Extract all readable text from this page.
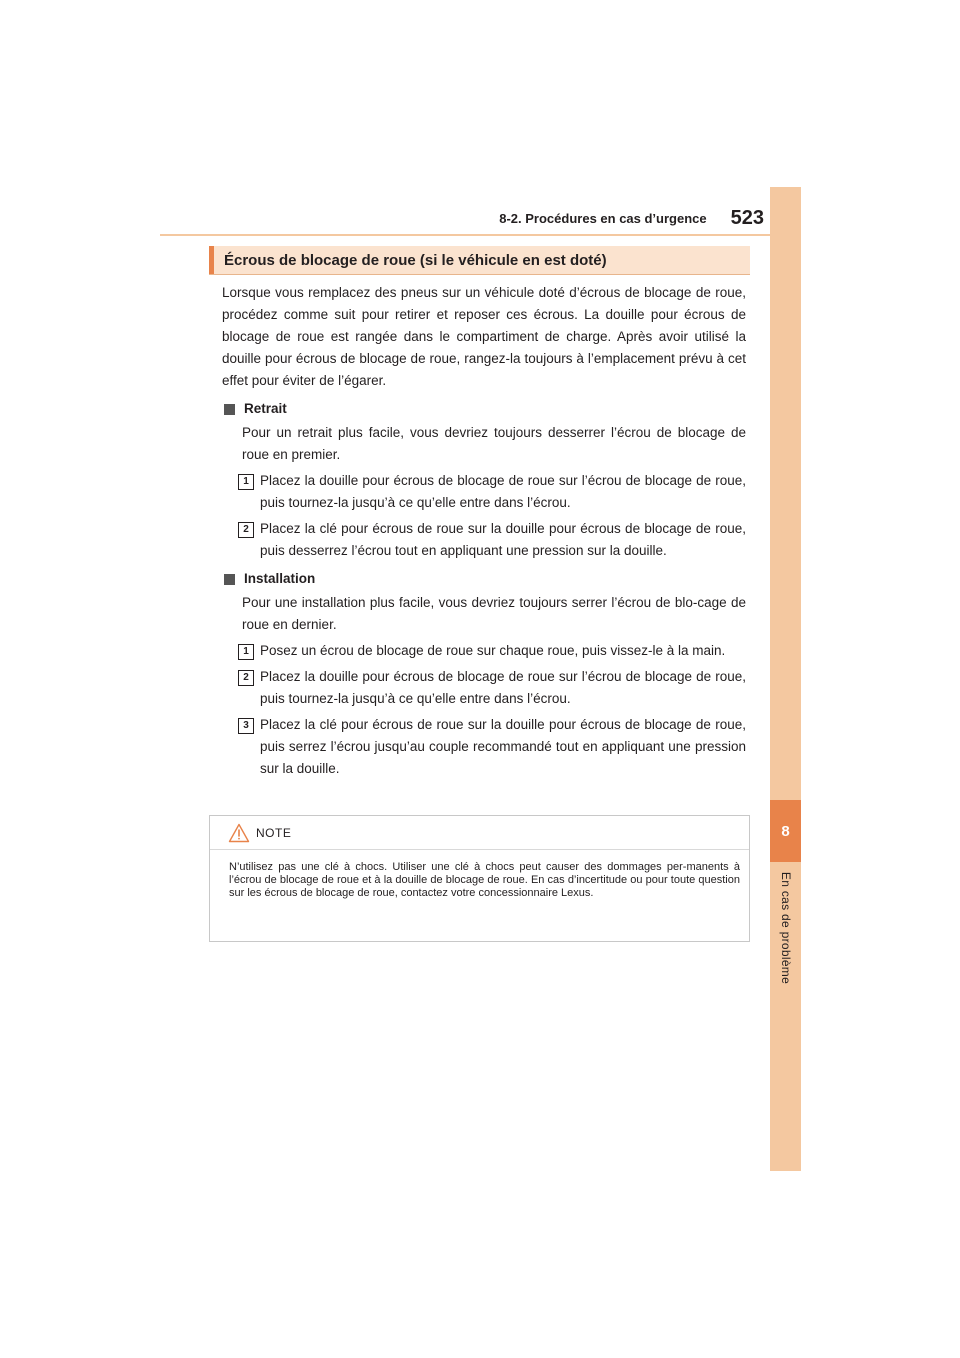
8-2. Procédures en cas d’urgence 523
8
En cas de problème
Écrous de blocage de roue (si le véhicule en est doté)

Lorsque vous remplacez des pneus sur un véhicule doté d’écrous de blocage de roue, procédez comme suit pour retirer et reposer ces écrous. La douille pour écrous de blocage de roue est rangée dans le compartiment de charge. Après avoir utilisé la douille pour écrous de blocage de roue, rangez-la toujours à l’emplacement prévu à cet effet pour éviter de l’égarer.

Retrait

Pour un retrait plus facile, vous devriez toujours desserrer l’écrou de blocage de roue en premier.

1 Placez la douille pour écrous de blocage de roue sur l’écrou de blocage de roue, puis tournez-la jusqu’à ce qu’elle entre dans l’écrou.
2 Placez la clé pour écrous de roue sur la douille pour écrous de blocage de roue, puis desserrez l’écrou tout en appliquant une pression sur la douille.
Installation

Pour une installation plus facile, vous devriez toujours serrer l’écrou de blo-cage de roue en dernier.

1 Posez un écrou de blocage de roue sur chaque roue, puis vissez-le à la main.
2 Placez la douille pour écrous de blocage de roue sur l’écrou de blocage de roue, puis tournez-la jusqu’à ce qu’elle entre dans l’écrou.
3 Placez la clé pour écrous de roue sur la douille pour écrous de blocage de roue, puis serrez l’écrou jusqu’au couple recommandé tout en appliquant une pression sur la douille.
NOTE
N’utilisez pas une clé à chocs. Utiliser une clé à chocs peut causer des dommages per-manents à l’écrou de blocage de roue et à la douille de blocage de roue. En cas d’incertitude ou pour toute question sur les écrous de blocage de roue, contactez votre concessionnaire Lexus.
